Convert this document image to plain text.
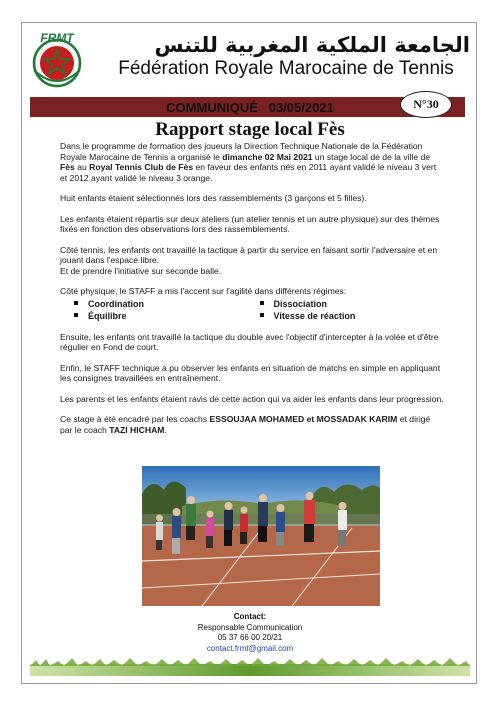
FRMT	الجامعة الملكية المغربية للتنس
Fédération Royale Marocaine de Tennis
COMMUNIQUÉ 03/05/2021	N°30
Rapport stage local Fès

Dans le programme de formation des joueurs la Direction Technique Nationale de la Fédération Royale Marocaine de Tennis a organisé le dimanche 02 Mai 2021 un stage local de de la ville de Fès au Royal Tennis Club de Fès en faveur des enfants nés en 2011 ayant validé le niveau 3 vert et 2012 ayant validé le niveau 3 orange.

Huit enfants étaient sélectionnés lors des rassemblements (3 garçons et 5 filles).

Les enfants étaient répartis sur deux ateliers (un atelier tennis et un autre physique) sur des thèmes fixés en fonction des observations lors des rassemblements.

Côté tennis, les enfants ont travaillé la tactique à partir du service en faisant sortir l'adversaire et en jouant dans l'espace libre.
Et de prendre l'initiative sur seconde balle.

Côté physique, le STAFF a mis l'accent sur l'agilité dans différents régimes:

Coordination
Équilibre
Dissociation
Vitesse de réaction

Ensuite, les enfants ont travaillé la tactique du double avec l'objectif d'intercepter à la volée et d'être régulier en Fond de court.

Enfin, le STAFF technique a pu observer les enfants en situation de matchs en simple en appliquant les consignes travaillées en entraînement.

Les parents et les enfants étaient ravis de cette action qui va aider les enfants dans leur progression.

Ce stage à été encadré par les coachs ESSOUJAA MOHAMED et MOSSADAK KARIM et dirigé par le coach TAZI HICHAM.

Contact:
Responsable Communication
05 37 66 00 20/21
contact.frmt@gmail.com
